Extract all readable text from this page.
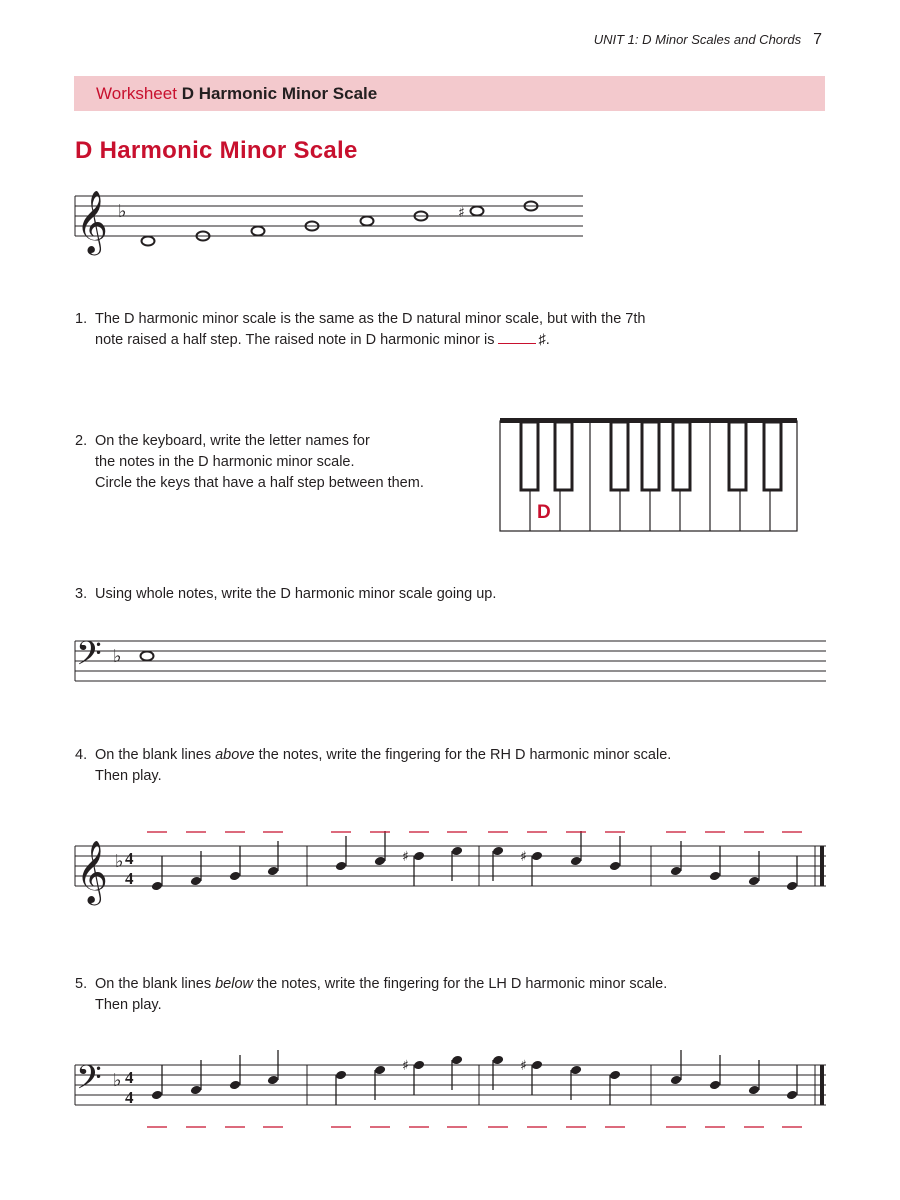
UNIT 1: D Minor Scales and Chords 7
Worksheet D Harmonic Minor Scale
D Harmonic Minor Scale
𝄞 ♭	♯
1. The D harmonic minor scale is the same as the D natural minor scale, but with the 7th
note raised a half step. The raised note in D harmonic minor is	♯.
2. On the keyboard, write the letter names for
the notes in the D harmonic minor scale.
Circle the keys that have a half step between them.
D
3. Using whole notes, write the D harmonic minor scale going up.
𝄢 ♭
4. On the blank lines above the notes, write the fingering for the RH D harmonic minor scale.
Then play.
𝄞 ♭ 4
4
♯	♯
5. On the blank lines below the notes, write the fingering for the LH D harmonic minor scale.
Then play.
𝄢 ♭ 4
4
♯	♯
